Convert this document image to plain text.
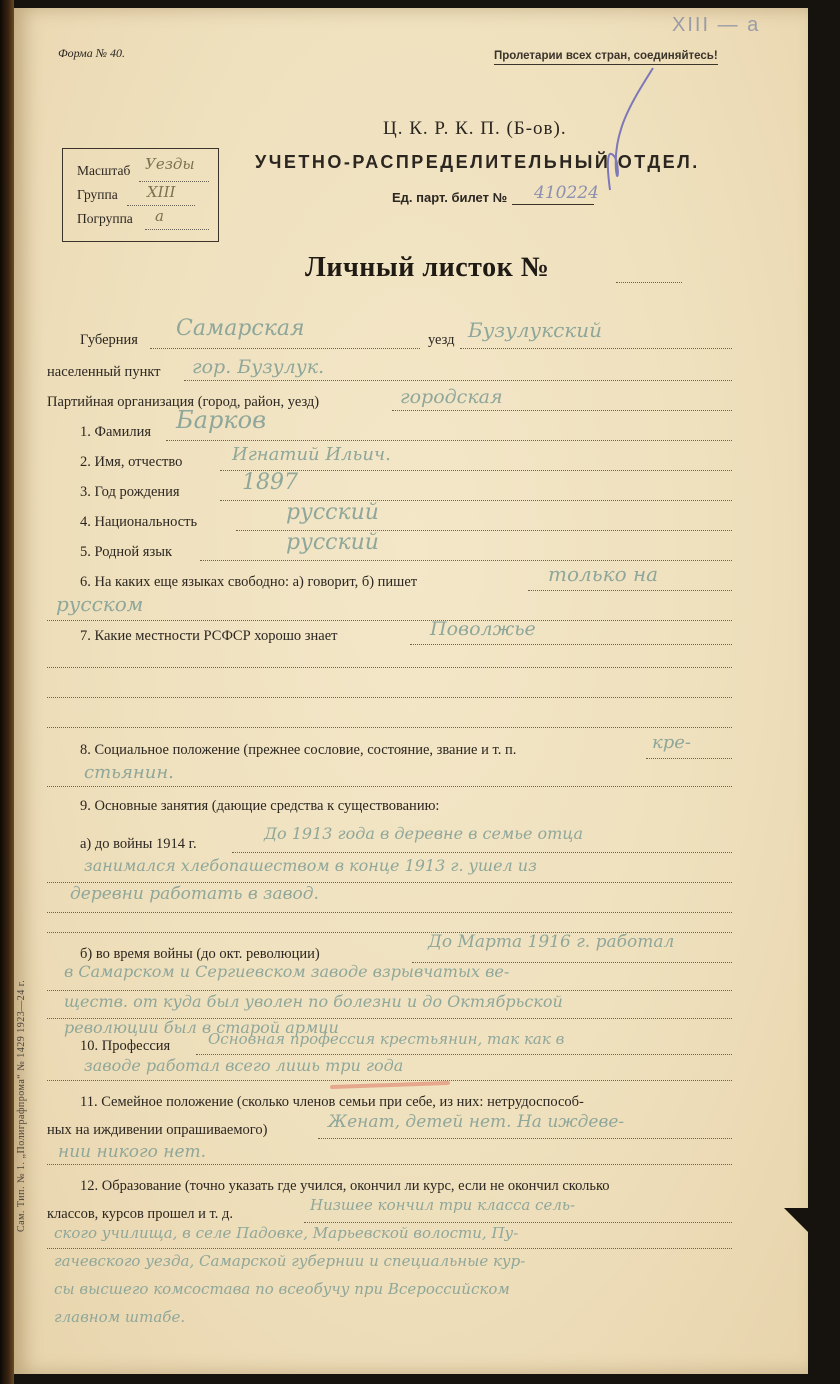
Форма № 40.	Пролетарии всех стран, соединяйтесь!
XIII — а
Ц. К. Р. К. П. (Б-ов).
УЧЕТНО-РАСПРЕДЕЛИТЕЛЬНЫЙ ОТДЕЛ.
Ед. парт. билет № 410224
Масштаб Уезды
Группа XIII
Погруппа а
Личный листок №
Губерния Самарская	уезд Бузулукский
населенный пункт гор. Бузулук.
Партийная организация (город, район, уезд)	городская
1. Фамилия Барков
2. Имя, отчество	Игнатий Ильич.
3. Год рождения	1897
4. Национальность	русский
5. Родной язык	русский
6. На каких еще языках свободно: а) говорит, б) пишет	только на
русском
7. Какие местности РСФСР хорошо знает	Поволжье
8. Социальное положение (прежнее сословие, состояние, звание и т. п.	кре-
стьянин.
9. Основные занятия (дающие средства к существованию:
а) до войны 1914 г.
До 1913 года в деревне в семье отца
занимался хлебопашеством в конце 1913 г. ушел из
деревни работать в завод.
б) во время войны (до окт. революции)
До Марта 1916 г. работал
в Самарском и Сергиевском заводе взрывчатых ве-
ществ. от куда был уволен по болезни и до Октябрьской
революции был в старой армии
10. Профессия	Основная профессия крестьянин, так как в
заводе работал всего лишь три года
11. Семейное положение (сколько членов семьи при себе, из них: нетрудоспособ-
ных на иждивении опрашиваемого)	Женат, детей нет. На иждеве-
нии никого нет.
12. Образование (точно указать где учился, окончил ли курс, если не окончил сколько
классов, курсов прошел и т. д.	Низшее кончил три класса сель-
ского училища, в селе Падовке, Марьевской волости, Пу-
гачевского уезда, Самарской губернии и специальные кур-
сы высшего комсостава по всеобучу при Всероссийском
главном штабе.
Сам. Тип. № 1. „Полиграфпрома“ № 1429 1923—24 г.
